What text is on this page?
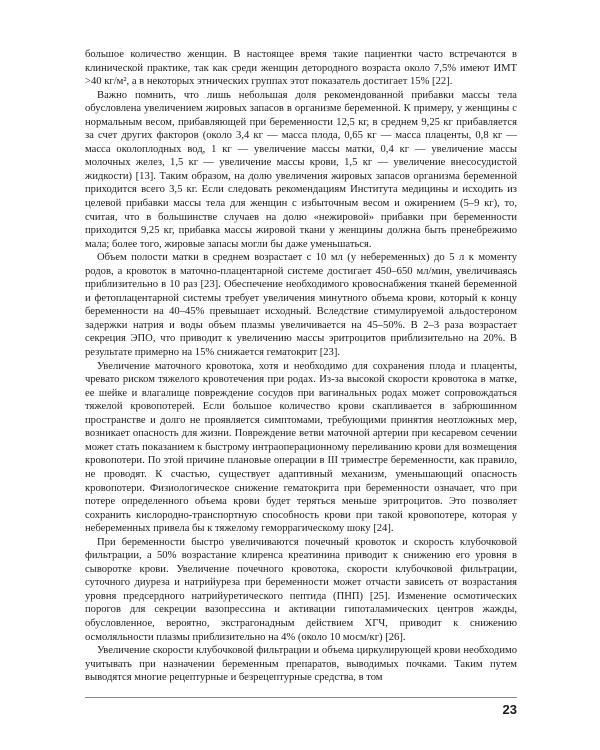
большое количество женщин. В настоящее время такие пациентки часто встречаются в клинической практике, так как среди женщин детородного возраста около 7,5% имеют ИМТ >40 кг/м², а в некоторых этнических группах этот показатель достигает 15% [22].

Важно помнить, что лишь небольшая доля рекомендованной прибавки массы тела обусловлена увеличением жировых запасов в организме беременной. К примеру, у женщины с нормальным весом, прибавляющей при беременности 12,5 кг, в среднем 9,25 кг прибавляется за счет других факторов (около 3,4 кг — масса плода, 0,65 кг — масса плаценты, 0,8 кг — масса околоплодных вод, 1 кг — увеличение массы матки, 0,4 кг — увеличение массы молочных желез, 1,5 кг — увеличение массы крови, 1,5 кг — увеличение внесосудистой жидкости) [13]. Таким образом, на долю увеличения жировых запасов организма беременной приходится всего 3,5 кг. Если следовать рекомендациям Института медицины и исходить из целевой прибавки массы тела для женщин с избыточным весом и ожирением (5–9 кг), то, считая, что в большинстве случаев на долю «нежировой» прибавки при беременности приходится 9,25 кг, прибавка массы жировой ткани у женщины должна быть пренебрежимо мала; более того, жировые запасы могли бы даже уменьшаться.

Объем полости матки в среднем возрастает с 10 мл (у небеременных) до 5 л к моменту родов, а кровоток в маточно-плацентарной системе достигает 450–650 мл/мин, увеличиваясь приблизительно в 10 раз [23]. Обеспечение необходимого кровоснабжения тканей беременной и фетоплацентарной системы требует увеличения минутного объема крови, который к концу беременности на 40–45% превышает исходный. Вследствие стимулируемой альдостероном задержки натрия и воды объем плазмы увеличивается на 45–50%. В 2–3 раза возрастает секреция ЭПО, что приводит к увеличению массы эритроцитов приблизительно на 20%. В результате примерно на 15% снижается гематокрит [23].

Увеличение маточного кровотока, хотя и необходимо для сохранения плода и плаценты, чревато риском тяжелого кровотечения при родах. Из-за высокой скорости кровотока в матке, ее шейке и влагалище повреждение сосудов при вагинальных родах может сопровождаться тяжелой кровопотерей. Если большое количество крови скапливается в забрюшинном пространстве и долго не проявляется симптомами, требующими принятия неотложных мер, возникает опасность для жизни. Повреждение ветви маточной артерии при кесаревом сечении может стать показанием к быстрому интраоперационному переливанию крови для возмещения кровопотери. По этой причине плановые операции в III триместре беременности, как правило, не проводят. К счастью, существует адаптивный механизм, уменьшающий опасность кровопотери. Физиологическое снижение гематокрита при беременности означает, что при потере определенного объема крови будет теряться меньше эритроцитов. Это позволяет сохранить кислородно-транспортную способность крови при такой кровопотере, которая у небеременных привела бы к тяжелому геморрагическому шоку [24].

При беременности быстро увеличиваются почечный кровоток и скорость клубочковой фильтрации, а 50% возрастание клиренса креатинина приводит к снижению его уровня в сыворотке крови. Увеличение почечного кровотока, скорости клубочковой фильтрации, суточного диуреза и натрийуреза при беременности может отчасти зависеть от возрастания уровня предсердного натрийуретического пептида (ПНП) [25]. Изменение осмотических порогов для секреции вазопрессина и активации гипоталамических центров жажды, обусловленное, вероятно, экстрагонадным действием ХГЧ, приводит к снижению осмоляльности плазмы приблизительно на 4% (около 10 мосм/кг) [26].

Увеличение скорости клубочковой фильтрации и объема циркулирующей крови необходимо учитывать при назначении беременным препаратов, выводимых почками. Таким путем выводятся многие рецептурные и безрецептурные средства, в том

23
